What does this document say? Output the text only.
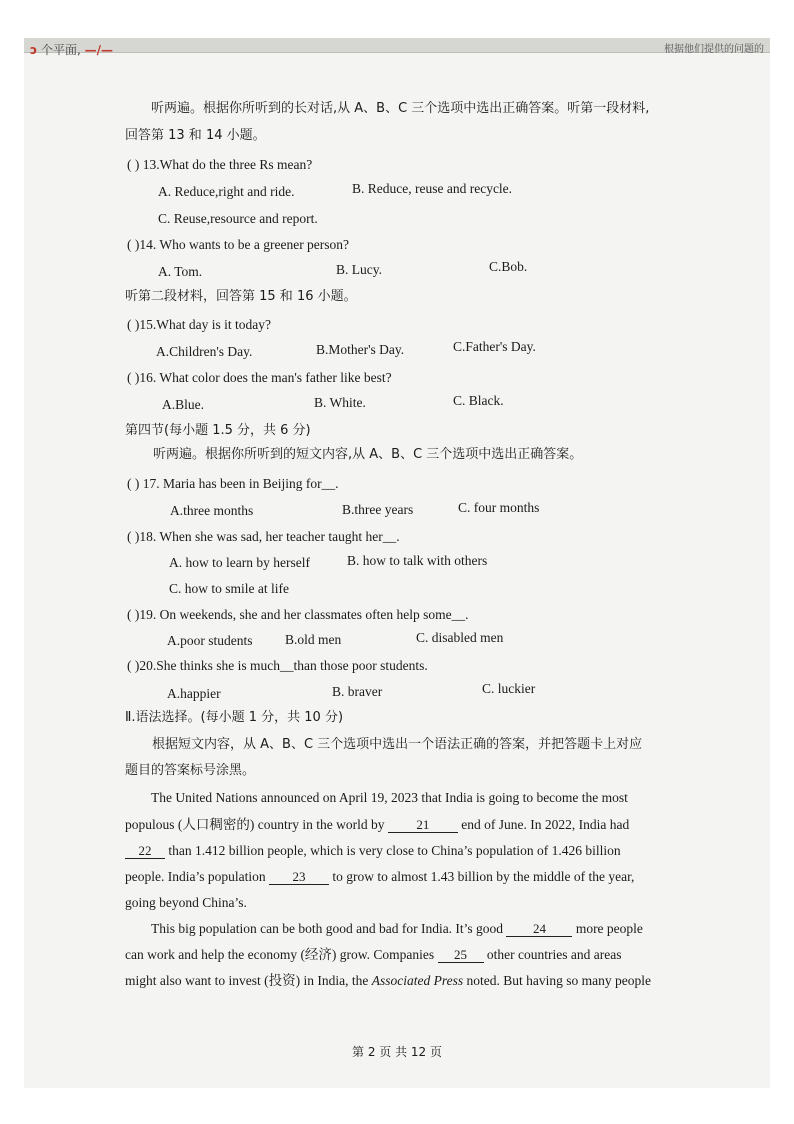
ↄ 个平面, —/—	根据他们提供的问题的
听两遍。根据你所听到的长对话,从 A、B、C 三个选项中选出正确答案。听第一段材料,
回答第 13 和 14 小题。
( ) 13.What do the three Rs mean?
A. Reduce,right and ride.	B. Reduce, reuse and recycle.
C. Reuse,resource and report.
( )14. Who wants to be a greener person?
A. Tom.	B. Lucy.	C.Bob.
听第二段材料，回答第 15 和 16 小题。
( )15.What day is it today?
A.Children's Day.	B.Mother's Day.	C.Father's Day.
( )16. What color does the man's father like best?
A.Blue.	B. White.	C. Black.
第四节(每小题 1.5 分，共 6 分)
听两遍。根据你所听到的短文内容,从 A、B、C 三个选项中选出正确答案。
( ) 17. Maria has been in Beijing for__.
A.three months	B.three years	C. four months
( )18. When she was sad, her teacher taught her__.
A. how to learn by herself	B. how to talk with others
C. how to smile at life
( )19. On weekends, she and her classmates often help some__.
A.poor students B.old men	C. disabled men
( )20.She thinks she is much__than those poor students.
A.happier	B. braver	C. luckier
Ⅱ.语法选择。(每小题 1 分，共 10 分)
根据短文内容，从 A、B、C 三个选项中选出一个语法正确的答案，并把答题卡上对应
题目的答案标号涂黑。
The United Nations announced on April 19, 2023 that India is going to become the most
populous (人口稠密的) country in the world by 21 end of June. In 2022, India had
22 than 1.412 billion people, which is very close to China’s population of 1.426 billion
people. India’s population 23 to grow to almost 1.43 billion by the middle of the year,
going beyond China’s.
This big population can be both good and bad for India. It’s good 24 more people
can work and help the economy (经济) grow. Companies 25 other countries and areas
might also want to invest (投资) in India, the Associated Press noted. But having so many people
第 2 页 共 12 页
